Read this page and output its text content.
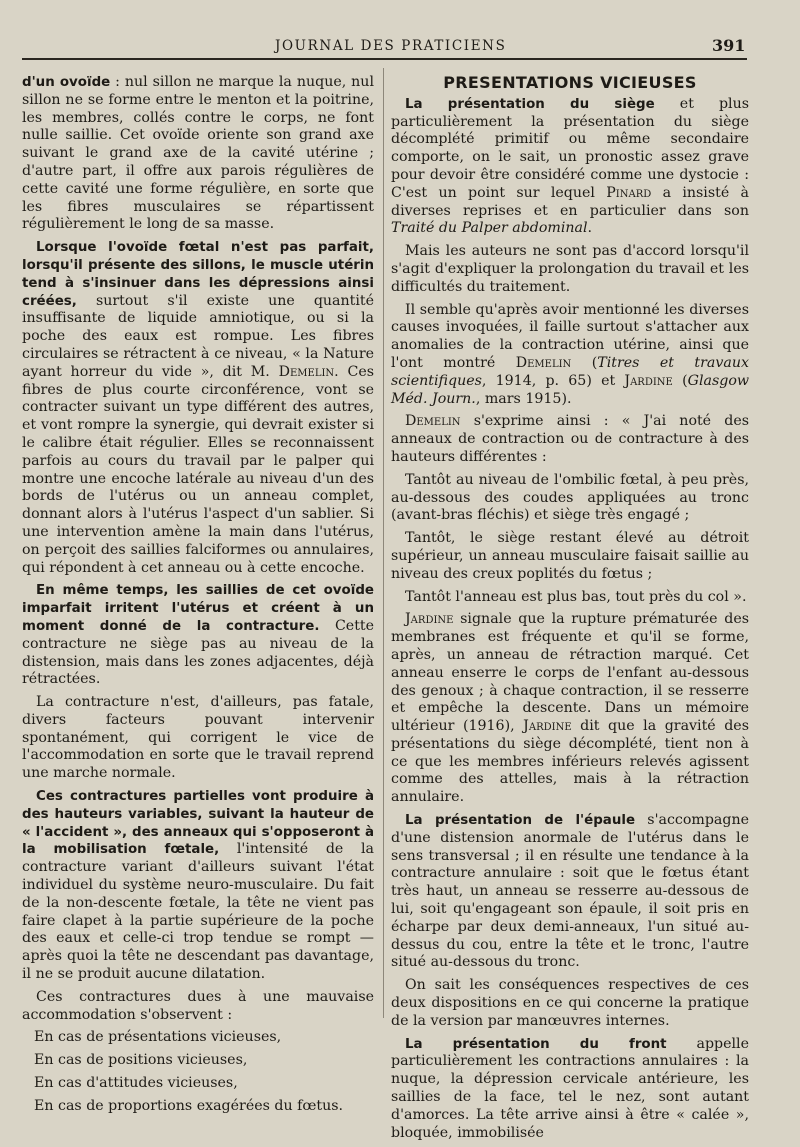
JOURNAL DES PRATICIENS	391

d'un ovoïde : nul sillon ne marque la nuque, nul sillon ne se forme entre le menton et la poitrine, les membres, collés contre le corps, ne font nulle saillie. Cet ovoïde oriente son grand axe suivant le grand axe de la cavité utérine ; d'autre part, il offre aux parois régulières de cette cavité une forme régulière, en sorte que les fibres musculaires se répartissent régulièrement le long de sa masse.

Lorsque l'ovoïde fœtal n'est pas parfait, lorsqu'il présente des sillons, le muscle utérin tend à s'insinuer dans les dépressions ainsi créées, surtout s'il existe une quantité insuffisante de liquide amniotique, ou si la poche des eaux est rompue. Les fibres circulaires se rétractent à ce niveau, « la Nature ayant horreur du vide », dit M. Demelin. Ces fibres de plus courte circonférence, vont se contracter suivant un type différent des autres, et vont rompre la synergie, qui devrait exister si le calibre était régulier. Elles se reconnaissent parfois au cours du travail par le palper qui montre une encoche latérale au niveau d'un des bords de l'utérus ou un anneau complet, donnant alors à l'utérus l'aspect d'un sablier. Si une intervention amène la main dans l'utérus, on perçoit des saillies falciformes ou annulaires, qui répondent à cet anneau ou à cette encoche.

En même temps, les saillies de cet ovoïde imparfait irritent l'utérus et créent à un moment donné de la contracture. Cette contracture ne siège pas au niveau de la distension, mais dans les zones adjacentes, déjà rétractées.

La contracture n'est, d'ailleurs, pas fatale, divers facteurs pouvant intervenir spontanément, qui corrigent le vice de l'accommodation en sorte que le travail reprend une marche normale.

Ces contractures partielles vont produire à des hauteurs variables, suivant la hauteur de « l'accident », des anneaux qui s'opposeront à la mobilisation fœtale, l'intensité de la contracture variant d'ailleurs suivant l'état individuel du système neuro-musculaire. Du fait de la non-descente fœtale, la tête ne vient pas faire clapet à la partie supérieure de la poche des eaux et celle-ci trop tendue se rompt — après quoi la tête ne descendant pas davantage, il ne se produit aucune dilatation.

Ces contractures dues à une mauvaise accommodation s'observent :

En cas de présentations vicieuses,

En cas de positions vicieuses,

En cas d'attitudes vicieuses,

En cas de proportions exagérées du fœtus.

PRESENTATIONS VICIEUSES

La présentation du siège et plus particulièrement la présentation du siège décomplété primitif ou même secondaire comporte, on le sait, un pronostic assez grave pour devoir être considéré comme une dystocie : C'est un point sur lequel Pinard a insisté à diverses reprises et en particulier dans son Traité du Palper abdominal.

Mais les auteurs ne sont pas d'accord lorsqu'il s'agit d'expliquer la prolongation du travail et les difficultés du traitement.

Il semble qu'après avoir mentionné les diverses causes invoquées, il faille surtout s'attacher aux anomalies de la contraction utérine, ainsi que l'ont montré Demelin (Titres et travaux scientifiques, 1914, p. 65) et Jardine (Glasgow Méd. Journ., mars 1915).

Demelin s'exprime ainsi : « J'ai noté des anneaux de contraction ou de contracture à des hauteurs différentes :

Tantôt au niveau de l'ombilic fœtal, à peu près, au-dessous des coudes appliquées au tronc (avant-bras fléchis) et siège très engagé ;

Tantôt, le siège restant élevé au détroit supérieur, un anneau musculaire faisait saillie au niveau des creux poplités du fœtus ;

Tantôt l'anneau est plus bas, tout près du col ».

Jardine signale que la rupture prématurée des membranes est fréquente et qu'il se forme, après, un anneau de rétraction marqué. Cet anneau enserre le corps de l'enfant au-dessous des genoux ; à chaque contraction, il se resserre et empêche la descente. Dans un mémoire ultérieur (1916), Jardine dit que la gravité des présentations du siège décomplété, tient non à ce que les membres inférieurs relevés agissent comme des attelles, mais à la rétraction annulaire.

La présentation de l'épaule s'accompagne d'une distension anormale de l'utérus dans le sens transversal ; il en résulte une tendance à la contracture annulaire : soit que le fœtus étant très haut, un anneau se resserre au-dessous de lui, soit qu'engageant son épaule, il soit pris en écharpe par deux demi-anneaux, l'un situé au-dessus du cou, entre la tête et le tronc, l'autre situé au-dessous du tronc.

On sait les conséquences respectives de ces deux dispositions en ce qui concerne la pratique de la version par manœuvres internes.

La présentation du front appelle particulièrement les contractions annulaires : la nuque, la dépression cervicale antérieure, les saillies de la face, tel le nez, sont autant d'amorces. La tête arrive ainsi à être « calée », bloquée, immobilisée
